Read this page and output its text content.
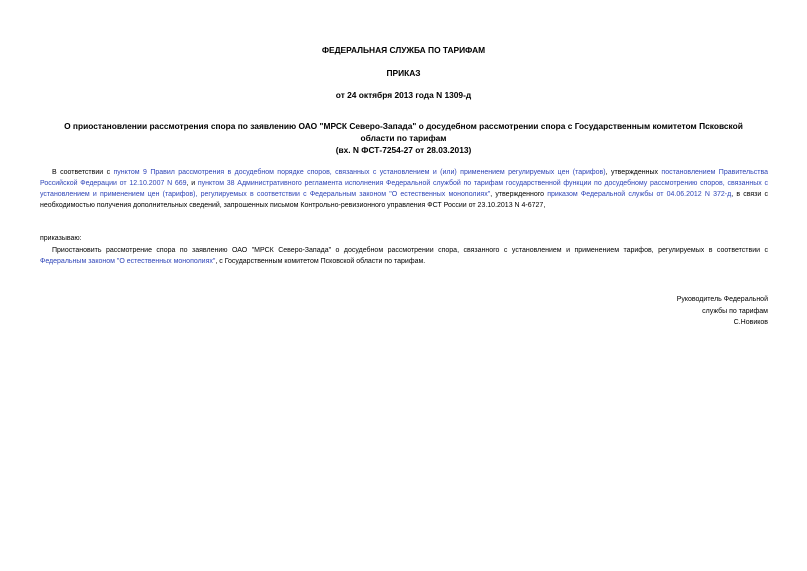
ФЕДЕРАЛЬНАЯ СЛУЖБА ПО ТАРИФАМ
ПРИКАЗ
от 24 октября 2013 года N 1309-д
О приостановлении рассмотрения спора по заявлению ОАО "МРСК Северо-Запада" о досудебном рассмотрении спора с Государственным комитетом Псковской
области по тарифам
(вх. N ФСТ-7254-27 от 28.03.2013)
В соответствии с пунктом 9 Правил рассмотрения в досудебном порядке споров, связанных с установлением и (или) применением регулируемых цен (тарифов), утвержденных постановлением Правительства
Российской Федерации от 12.10.2007 N 669, и пунктом 38 Административного регламента исполнения Федеральной службой по тарифам государственной функции по досудебному рассмотрению споров, связанных с
установлением и применением цен (тарифов), регулируемых в соответствии с Федеральным законом "О естественных монополиях", утвержденного приказом Федеральной службы от 04.06.2012 N 372-д, в связи с
необходимостью получения дополнительных сведений, запрошенных письмом Контрольно-ревизионного управления ФСТ России от 23.10.2013 N 4-6727,
приказываю:
Приостановить рассмотрение спора по заявлению ОАО "МРСК Северо-Запада" о досудебном рассмотрении спора, связанного с установлением и применением тарифов, регулируемых в соответствии с
Федеральным законом "О естественных монополиях", с Государственным комитетом Псковской области по тарифам.
Руководитель Федеральной
службы по тарифам
С.Новиков
